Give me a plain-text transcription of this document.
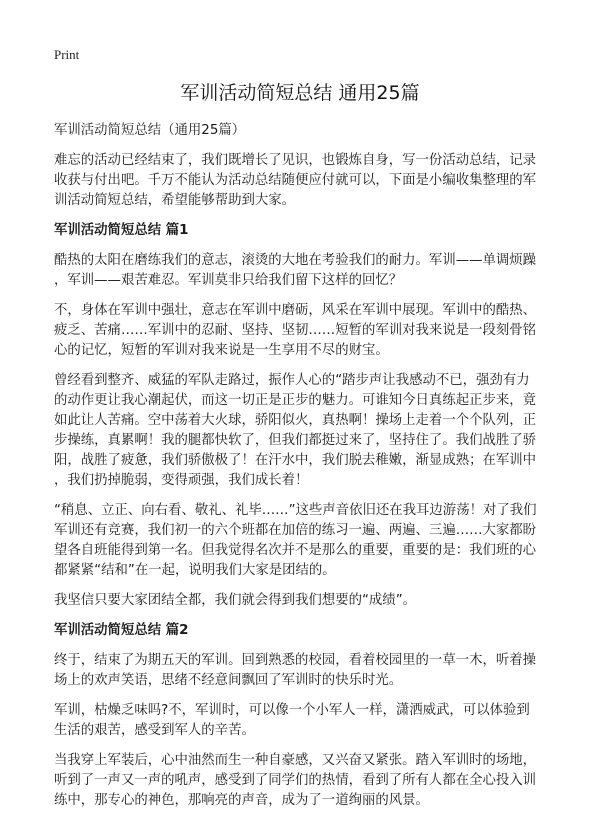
Print
军训活动简短总结 通用25篇
军训活动简短总结（通用25篇）
难忘的活动已经结束了，我们既增长了见识，也锻炼自身，写一份活动总结，记录
收获与付出吧。千万不能认为活动总结随便应付就可以，下面是小编收集整理的军
训活动简短总结，希望能够帮助到大家。
军训活动简短总结 篇1
酷热的太阳在磨练我们的意志，滚烫的大地在考验我们的耐力。军训——单调烦躁
，军训——艰苦难忍。军训莫非只给我们留下这样的回忆？
不，身体在军训中强壮，意志在军训中磨砺，风采在军训中展现。军训中的酷热、
疲乏、苦痛……军训中的忍耐、坚持、坚韧……短暂的军训对我来说是一段刻骨铭
心的记忆，短暂的军训对我来说是一生享用不尽的财宝。
曾经看到整齐、威猛的军队走路过，振作人心的“踏步声让我感动不已，强劲有力
的动作更让我心潮起伏，而这一切正是正步的魅力。可谁知今日真练起正步来，竟
如此让人苦痛。空中荡着大火球，骄阳似火，真热啊！操场上走着一个个队列，正
步操练，真累啊！我的腿都快软了，但我们都挺过来了，坚持住了。我们战胜了骄
阳，战胜了疲惫，我们骄傲极了！在汗水中，我们脱去稚嫩，渐显成熟；在军训中
，我们扔掉脆弱，变得顽强，我们成长着！
“稍息、立正、向右看、敬礼、礼毕……”这些声音依旧还在我耳边游荡！对了我们
军训还有竞赛，我们初一的六个班都在加倍的练习一遍、两遍、三遍……大家都盼
望各自班能得到第一名。但我觉得名次并不是那么的重要，重要的是：我们班的心
都紧紧“结和”在一起，说明我们大家是团结的。
我坚信只要大家团结全都，我们就会得到我们想要的“成绩”。
军训活动简短总结 篇2
终于，结束了为期五天的军训。回到熟悉的校园，看着校园里的一草一木，听着操
场上的欢声笑语，思绪不经意间飘回了军训时的快乐时光。
军训，枯燥乏味吗?不，军训时，可以像一个小军人一样，潇洒威武，可以体验到
生活的艰苦，感受到军人的辛苦。
当我穿上军装后，心中油然而生一种自豪感，又兴奋又紧张。踏入军训时的场地，
听到了一声又一声的吼声，感受到了同学们的热情，看到了所有人都在全心投入训
练中，那专心的神色，那响亮的声音，成为了一道绚丽的风景。
